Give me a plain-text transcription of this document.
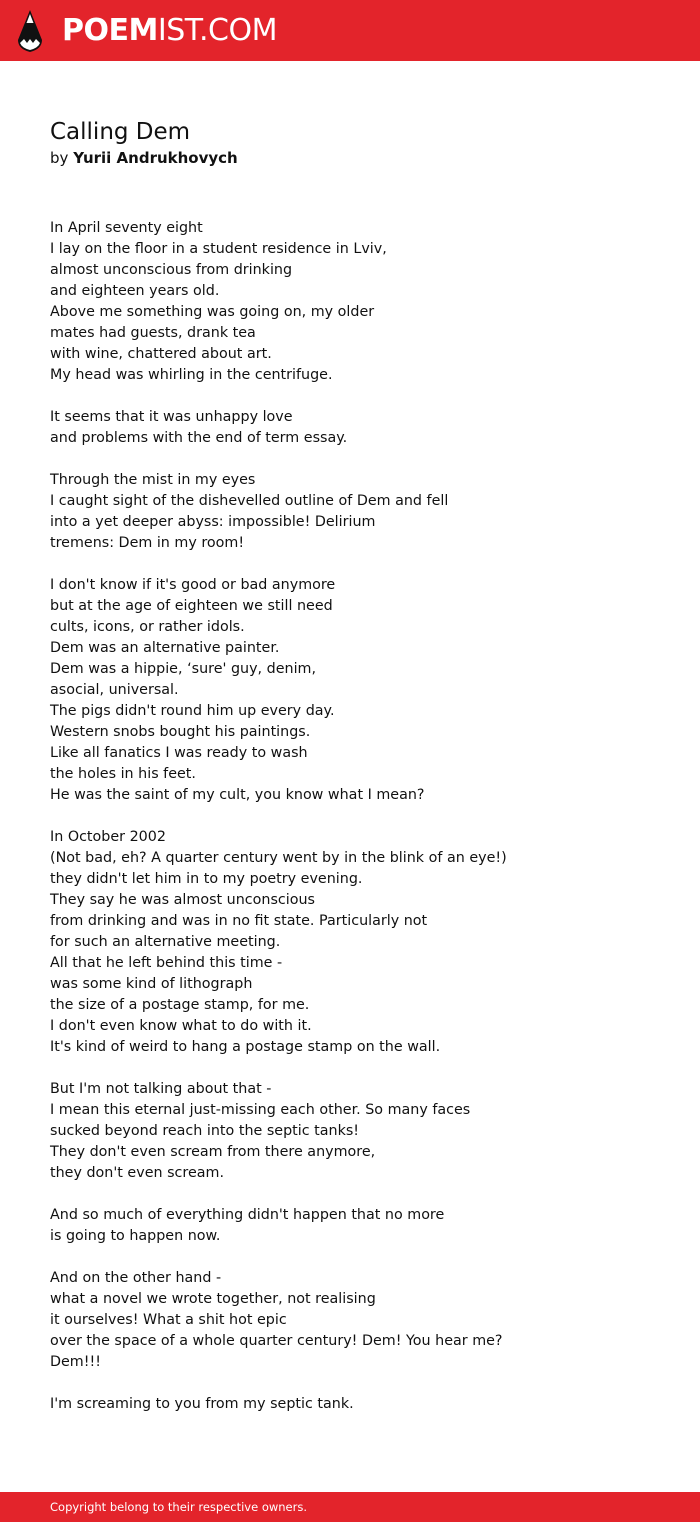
POEMIST.COM
Calling Dem

by Yurii Andrukhovych

In April seventy eight
I lay on the floor in a student residence in Lviv,
almost unconscious from drinking
and eighteen years old.
Above me something was going on, my older
mates had guests, drank tea
with wine, chattered about art.
My head was whirling in the centrifuge.
It seems that it was unhappy love
and problems with the end of term essay.
Through the mist in my eyes
I caught sight of the dishevelled outline of Dem and fell
into a yet deeper abyss: impossible! Delirium
tremens: Dem in my room!
I don't know if it's good or bad anymore
but at the age of eighteen we still need
cults, icons, or rather idols.
Dem was an alternative painter.
Dem was a hippie, ‘sure' guy, denim,
asocial, universal.
The pigs didn't round him up every day.
Western snobs bought his paintings.
Like all fanatics I was ready to wash
the holes in his feet.
He was the saint of my cult, you know what I mean?
In October 2002
(Not bad, eh? A quarter century went by in the blink of an eye!)
they didn't let him in to my poetry evening.
They say he was almost unconscious
from drinking and was in no fit state. Particularly not
for such an alternative meeting.
All that he left behind this time -
was some kind of lithograph
the size of a postage stamp, for me.
I don't even know what to do with it.
It's kind of weird to hang a postage stamp on the wall.
But I'm not talking about that -
I mean this eternal just-missing each other. So many faces
sucked beyond reach into the septic tanks!
They don't even scream from there anymore,
they don't even scream.
And so much of everything didn't happen that no more
is going to happen now.
And on the other hand -
what a novel we wrote together, not realising
it ourselves! What a shit hot epic
over the space of a whole quarter century! Dem! You hear me?
Dem!!!
I'm screaming to you from my septic tank.
Copyright belong to their respective owners.
